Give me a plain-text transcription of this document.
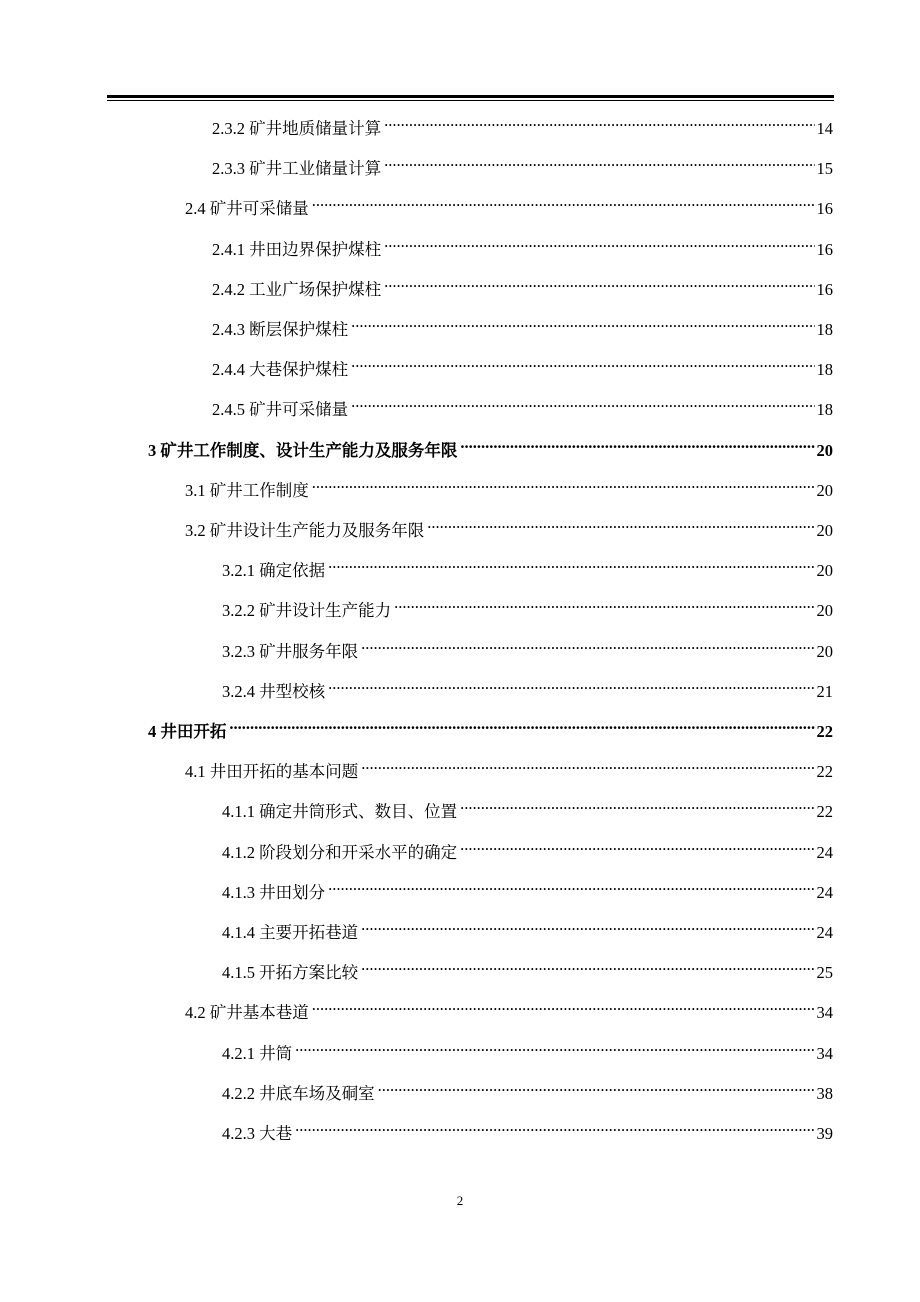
2.3.2 矿井地质储量计算 .....	14
2.3.3 矿井工业储量计算 .....	15
2.4 矿井可采储量 .....	16
2.4.1 井田边界保护煤柱 .....	16
2.4.2 工业广场保护煤柱 .....	16
2.4.3 断层保护煤柱 .....	18
2.4.4 大巷保护煤柱 .....	18
2.4.5 矿井可采储量 .....	18
3 矿井工作制度、设计生产能力及服务年限 .....	20
3.1 矿井工作制度 .....	20
3.2 矿井设计生产能力及服务年限 .....	20
3.2.1 确定依据 .....	20
3.2.2 矿井设计生产能力 .....	20
3.2.3 矿井服务年限 .....	20
3.2.4 井型校核 .....	21
4 井田开拓 .....	22
4.1 井田开拓的基本问题 .....	22
4.1.1 确定井筒形式、数目、位置 .....	22
4.1.2 阶段划分和开采水平的确定 .....	24
4.1.3 井田划分 .....	24
4.1.4 主要开拓巷道 .....	24
4.1.5 开拓方案比较 .....	25
4.2 矿井基本巷道 .....	34
4.2.1 井筒 .....	34
4.2.2 井底车场及硐室 .....	38
4.2.3 大巷 .....	39
2
